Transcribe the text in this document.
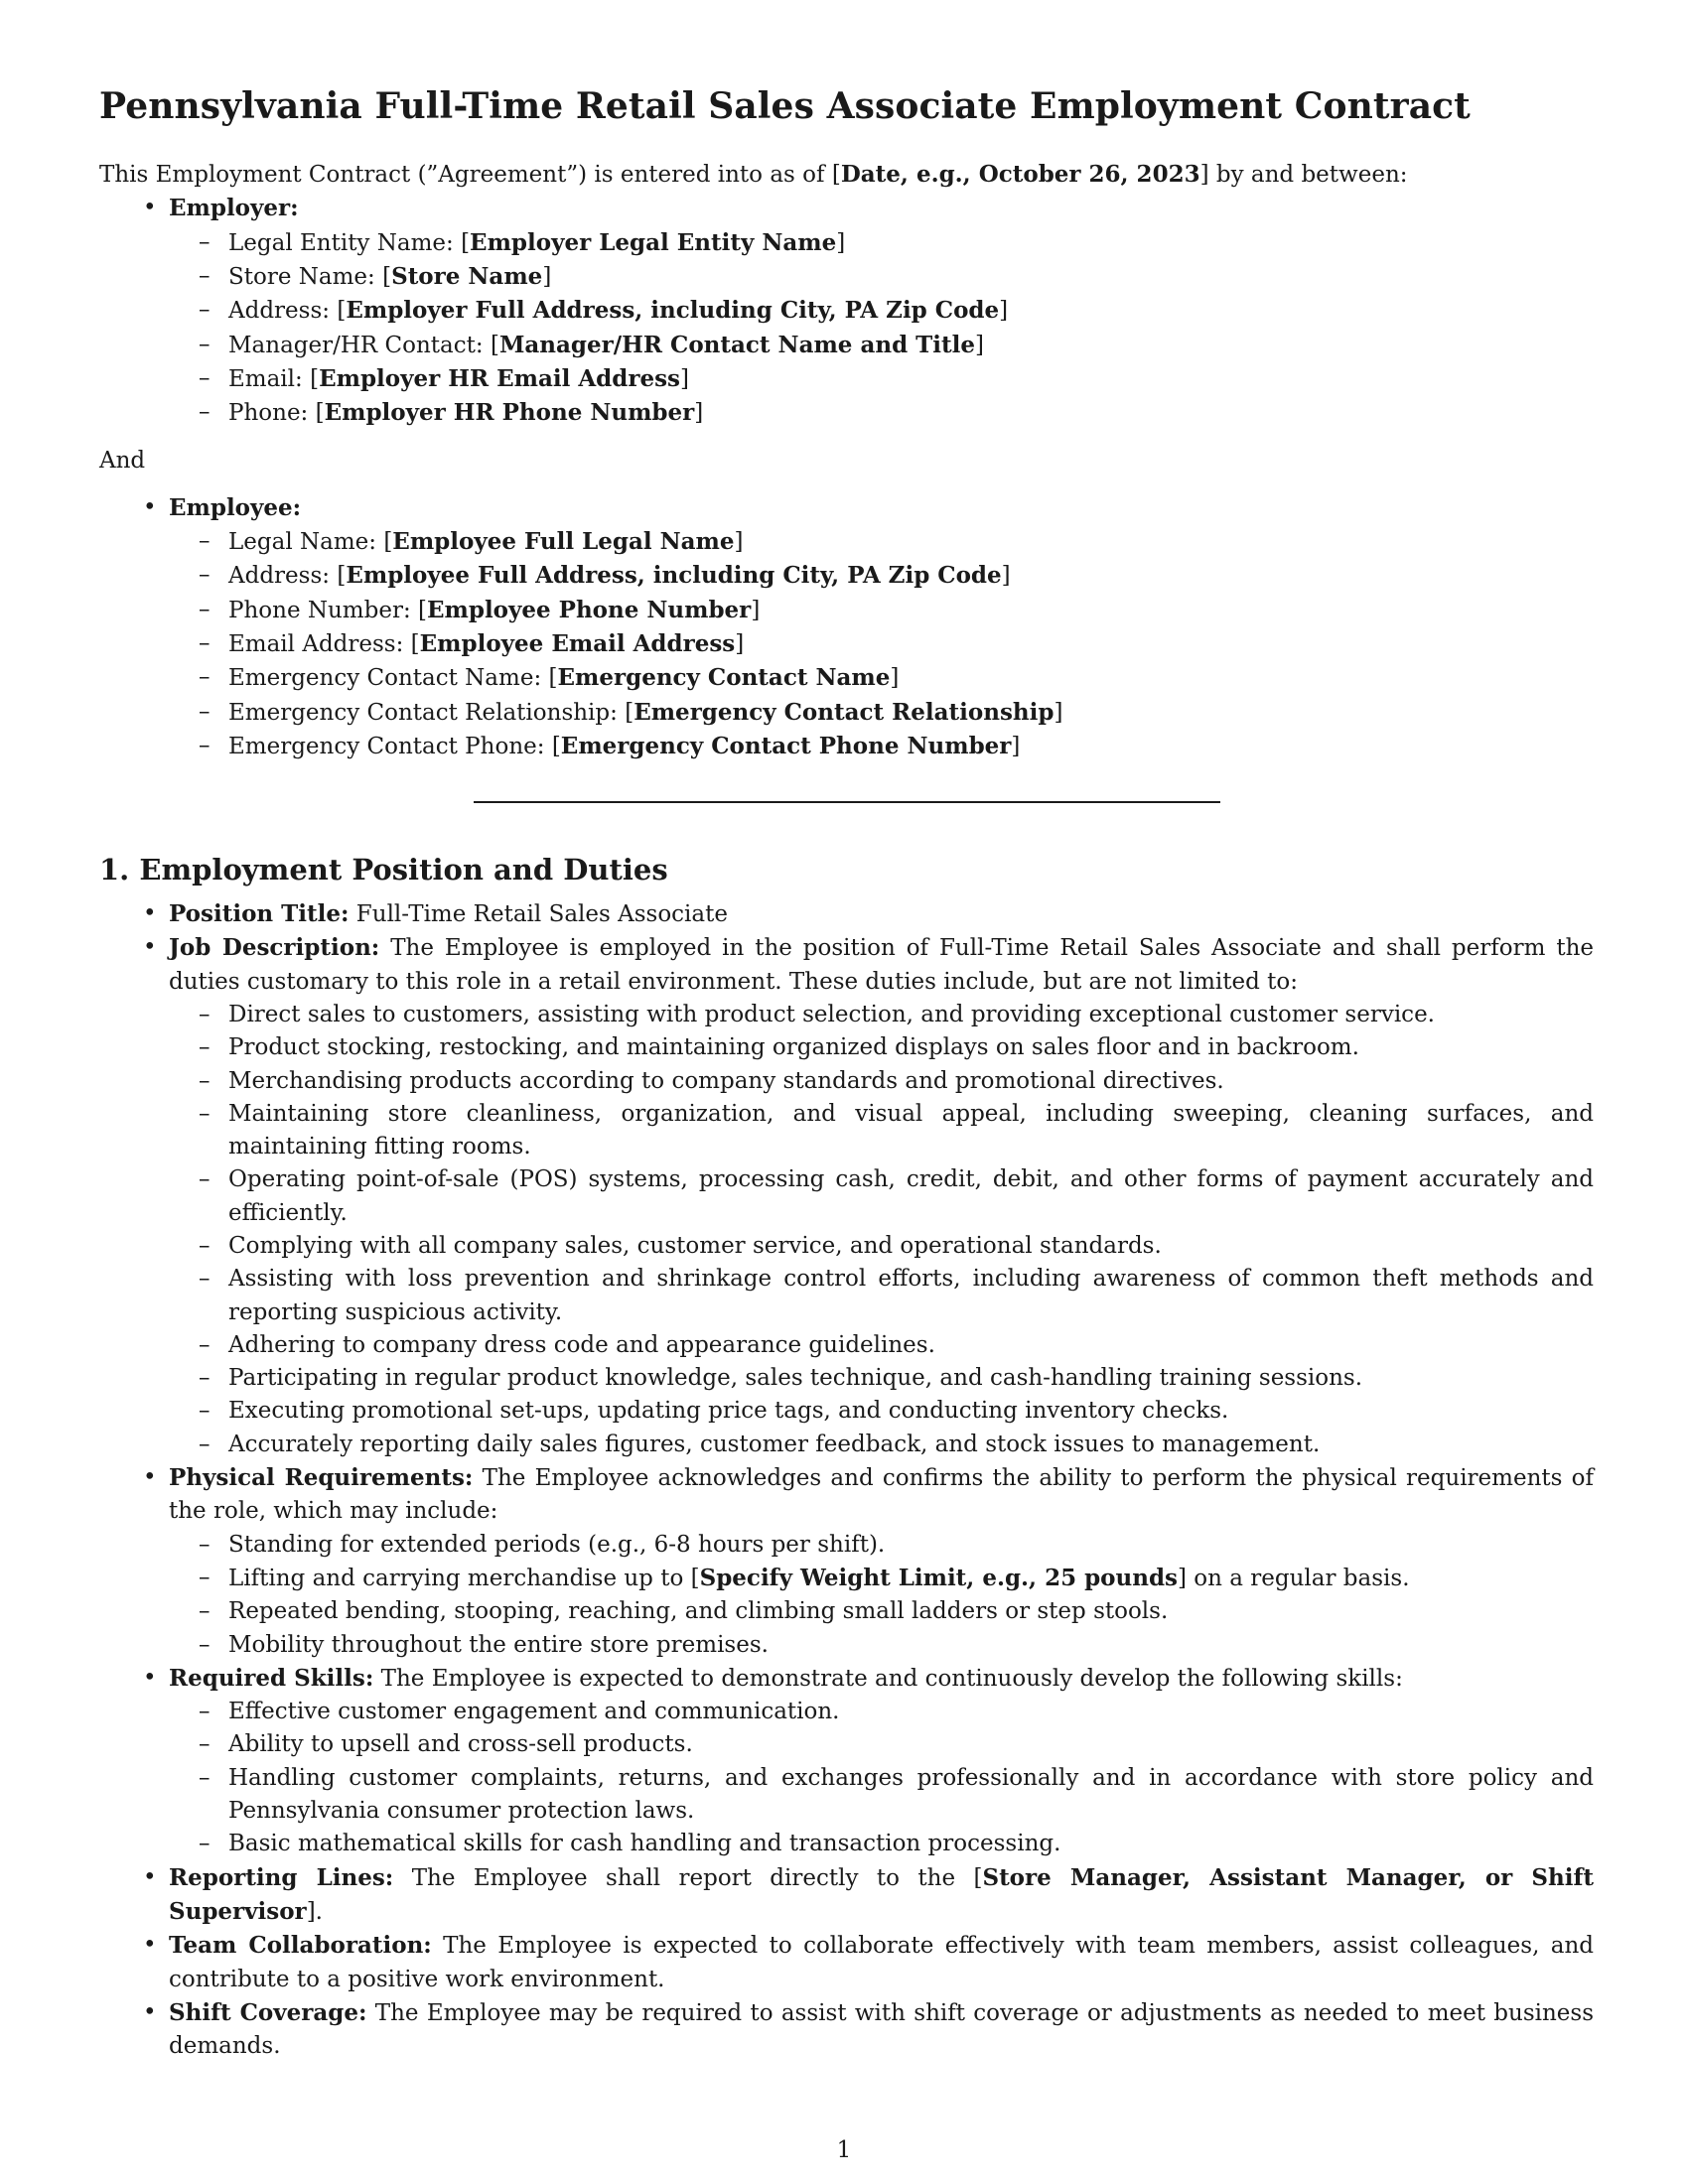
Pennsylvania Full-Time Retail Sales Associate Employment Contract

This Employment Contract (”Agreement”) is entered into as of [Date, e.g., October 26, 2023] by and between:

• Employer:
– Legal Entity Name: [Employer Legal Entity Name]
– Store Name: [Store Name]
– Address: [Employer Full Address, including City, PA Zip Code]
– Manager/HR Contact: [Manager/HR Contact Name and Title]
– Email: [Employer HR Email Address]
– Phone: [Employer HR Phone Number]

And

• Employee:
– Legal Name: [Employee Full Legal Name]
– Address: [Employee Full Address, including City, PA Zip Code]
– Phone Number: [Employee Phone Number]
– Email Address: [Employee Email Address]
– Emergency Contact Name: [Emergency Contact Name]
– Emergency Contact Relationship: [Emergency Contact Relationship]
– Emergency Contact Phone: [Emergency Contact Phone Number]
1. Employment Position and Duties
• Position Title: Full-Time Retail Sales Associate
• Job Description: The Employee is employed in the position of Full-Time Retail Sales Associate and shall perform the duties customary to this role in a retail environment. These duties include, but are not limited to:
– Direct sales to customers, assisting with product selection, and providing exceptional customer service.
– Product stocking, restocking, and maintaining organized displays on sales floor and in backroom.
– Merchandising products according to company standards and promotional directives.
– Maintaining store cleanliness, organization, and visual appeal, including sweeping, cleaning surfaces, and maintaining fitting rooms.
– Operating point-of-sale (POS) systems, processing cash, credit, debit, and other forms of payment accurately and efficiently.
– Complying with all company sales, customer service, and operational standards.
– Assisting with loss prevention and shrinkage control efforts, including awareness of common theft methods and reporting suspicious activity.
– Adhering to company dress code and appearance guidelines.
– Participating in regular product knowledge, sales technique, and cash-handling training sessions.
– Executing promotional set-ups, updating price tags, and conducting inventory checks.
– Accurately reporting daily sales figures, customer feedback, and stock issues to management.
• Physical Requirements: The Employee acknowledges and confirms the ability to perform the physical requirements of the role, which may include:
– Standing for extended periods (e.g., 6-8 hours per shift).
– Lifting and carrying merchandise up to [Specify Weight Limit, e.g., 25 pounds] on a regular basis.
– Repeated bending, stooping, reaching, and climbing small ladders or step stools.
– Mobility throughout the entire store premises.
• Required Skills: The Employee is expected to demonstrate and continuously develop the following skills:
– Effective customer engagement and communication.
– Ability to upsell and cross-sell products.
– Handling customer complaints, returns, and exchanges professionally and in accordance with store policy and Pennsylvania consumer protection laws.
– Basic mathematical skills for cash handling and transaction processing.
• Reporting Lines: The Employee shall report directly to the [Store Manager, Assistant Manager, or Shift Supervisor].
• Team Collaboration: The Employee is expected to collaborate effectively with team members, assist colleagues, and contribute to a positive work environment.
• Shift Coverage: The Employee may be required to assist with shift coverage or adjustments as needed to meet business demands.
1
